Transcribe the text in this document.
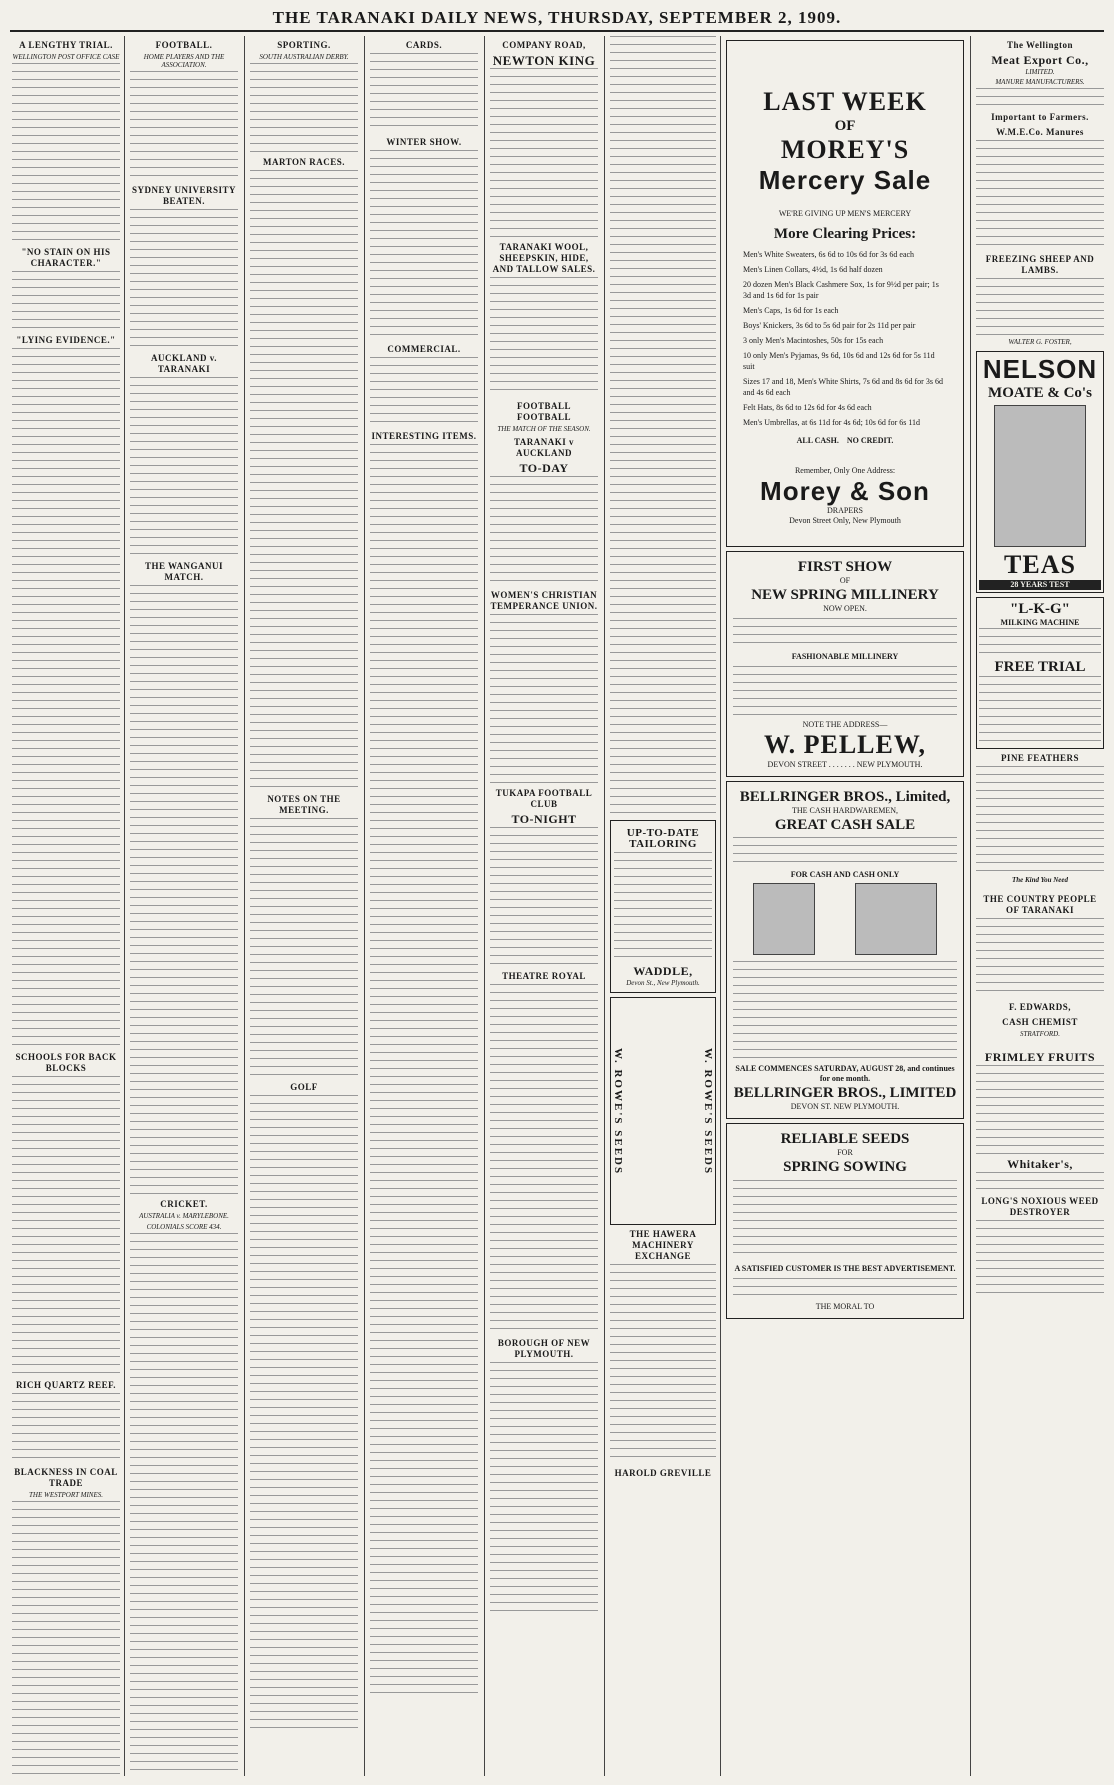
THE TARANAKI DAILY NEWS, THURSDAY, SEPTEMBER 2, 1909.
A LENGTHY TRIAL.
WELLINGTON POST OFFICE CASE
"NO STAIN ON HIS CHARACTER."
"LYING EVIDENCE."
SCHOOLS FOR BACK BLOCKS
RICH QUARTZ REEF.
BLACKNESS IN COAL TRADE
THE WESTPORT MINES.
FOOTBALL.
HOME PLAYERS AND THE ASSOCIATION.
SYDNEY UNIVERSITY BEATEN.
AUCKLAND v. TARANAKI
THE WANGANUI MATCH.
CRICKET.
AUSTRALIA v. MARYLEBONE.
COLONIALS SCORE 434.
SPORTING.
SOUTH AUSTRALIAN DERBY.
MARTON RACES.
NOTES ON THE MEETING.
GOLF
CARDS.
WINTER SHOW.
COMMERCIAL.
INTERESTING ITEMS.
COMPANY ROAD,
NEWTON KING
TARANAKI WOOL, SHEEPSKIN, HIDE, AND TALLOW SALES.
FOOTBALL FOOTBALL
THE MATCH OF THE SEASON.
TARANAKI v AUCKLAND
TO-DAY
WOMEN'S CHRISTIAN TEMPERANCE UNION.
TUKAPA FOOTBALL CLUB
TO-NIGHT
THEATRE ROYAL
BOROUGH OF NEW PLYMOUTH.
UP-TO-DATE TAILORING
WADDLE,
Devon St., New Plymouth.
W. ROWE'S SEEDS	W. ROWE'S SEEDS
THE HAWERA MACHINERY EXCHANGE
HAROLD GREVILLE
LAST WEEK
OF
MOREY'S
Mercery Sale
WE'RE GIVING UP MEN'S MERCERY
More Clearing Prices:

Men's White Sweaters, 6s 6d to 10s 6d for 3s 6d each

Men's Linen Collars, 4½d, 1s 6d half dozen

20 dozen Men's Black Cashmere Sox, 1s for 9½d per pair; 1s 3d and 1s 6d for 1s pair

Men's Caps, 1s 6d for 1s each

Boys' Knickers, 3s 6d to 5s 6d pair for 2s 11d per pair

3 only Men's Macintoshes, 50s for 15s each

10 only Men's Pyjamas, 9s 6d, 10s 6d and 12s 6d for 5s 11d suit

Sizes 17 and 18, Men's White Shirts, 7s 6d and 8s 6d for 3s 6d and 4s 6d each

Felt Hats, 8s 6d to 12s 6d for 4s 6d each

Men's Umbrellas, at 6s 11d for 4s 6d; 10s 6d for 6s 11d

ALL CASH. NO CREDIT.
Remember, Only One Address:
Morey & Son
DRAPERS
Devon Street Only, New Plymouth
FIRST SHOW
OF
NEW SPRING MILLINERY
NOW OPEN.
FASHIONABLE MILLINERY
NOTE THE ADDRESS—
W. PELLEW,
DEVON STREET . . . . . . . NEW PLYMOUTH.
BELLRINGER BROS., Limited,
THE CASH HARDWAREMEN,
GREAT CASH SALE
FOR CASH AND CASH ONLY
SALE COMMENCES SATURDAY, AUGUST 28, and continues for one month.
BELLRINGER BROS., LIMITED
DEVON ST. NEW PLYMOUTH.
RELIABLE SEEDS
FOR
SPRING SOWING
A SATISFIED CUSTOMER IS THE BEST ADVERTISEMENT.
THE MORAL TO
The Wellington
Meat Export Co.,
LIMITED.
MANURE MANUFACTURERS.
Important to Farmers.
W.M.E.Co. Manures
FREEZING SHEEP AND LAMBS.
WALTER G. FOSTER,
NELSON
MOATE & Co's
TEAS
28 YEARS TEST
"L-K-G"
MILKING MACHINE
FREE TRIAL
PINE FEATHERS
The Kind You Need
THE COUNTRY PEOPLE OF TARANAKI
F. EDWARDS,
CASH CHEMIST
STRATFORD.
FRIMLEY FRUITS
Whitaker's,
LONG'S NOXIOUS WEED DESTROYER
